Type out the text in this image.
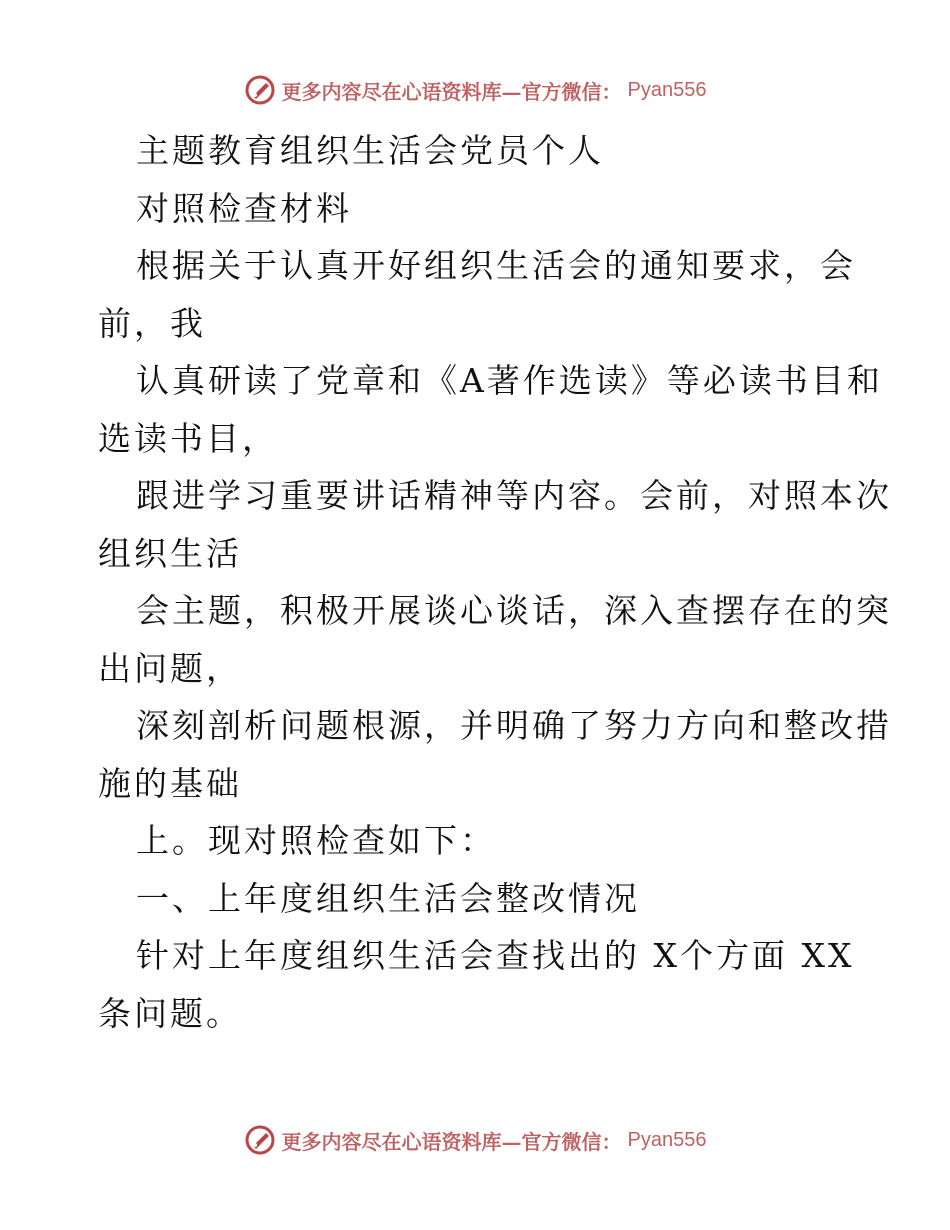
更多内容尽在心语资料库—官方微信： Pyan556
主题教育组织生活会党员个人
对照检查材料
根据关于认真开好组织生活会的通知要求，会
前，我
认真研读了党章和《A著作选读》等必读书目和
选读书目，
跟进学习重要讲话精神等内容。会前，对照本次
组织生活
会主题，积极开展谈心谈话，深入查摆存在的突
出问题，
深刻剖析问题根源，并明确了努力方向和整改措
施的基础
上。现对照检查如下：
一、上年度组织生活会整改情况
针对上年度组织生活会查找出的 X个方面 XX
条问题。
更多内容尽在心语资料库—官方微信： Pyan556
